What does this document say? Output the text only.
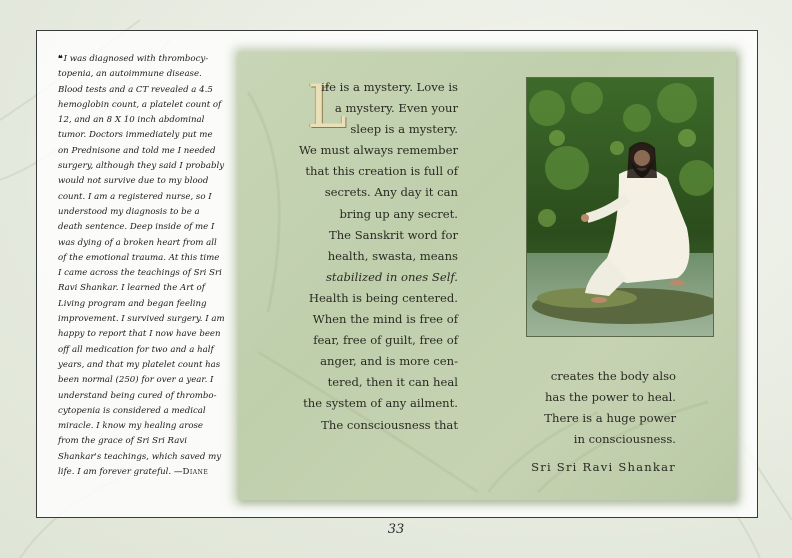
❝I was diagnosed with thrombocy-
topenia, an autoimmune disease.
Blood tests and a CT revealed a 4.5
hemoglobin count, a platelet count of
12, and an 8 X 10 inch abdominal
tumor. Doctors immediately put me
on Prednisone and told me I needed
surgery, although they said I probably
would not survive due to my blood
count. I am a registered nurse, so I
understood my diagnosis to be a
death sentence. Deep inside of me I
was dying of a broken heart from all
of the emotional trauma. At this time
I came across the teachings of Sri Sri
Ravi Shankar. I learned the Art of
Living program and began feeling
improvement. I survived surgery. I am
happy to report that I now have been
off all medication for two and a half
years, and that my platelet count has
been normal (250) for over a year. I
understand being cured of thrombo-
cytopenia is considered a medical
miracle. I know my healing arose
from the grace of Sri Sri Ravi
Shankar's teachings, which saved my
life. I am forever grateful. —Diane
L
ife is a mystery. Love is
a mystery. Even your
sleep is a mystery.
We must always remember
that this creation is full of
secrets. Any day it can
bring up any secret.
The Sanskrit word for
health, swasta, means
stabilized in ones Self.
Health is being centered.
When the mind is free of
fear, free of guilt, free of
anger, and is more cen-
tered, then it can heal
the system of any ailment.
The consciousness that
creates the body also
has the power to heal.
There is a huge power
in consciousness.
Sri Sri Ravi Shankar
33
